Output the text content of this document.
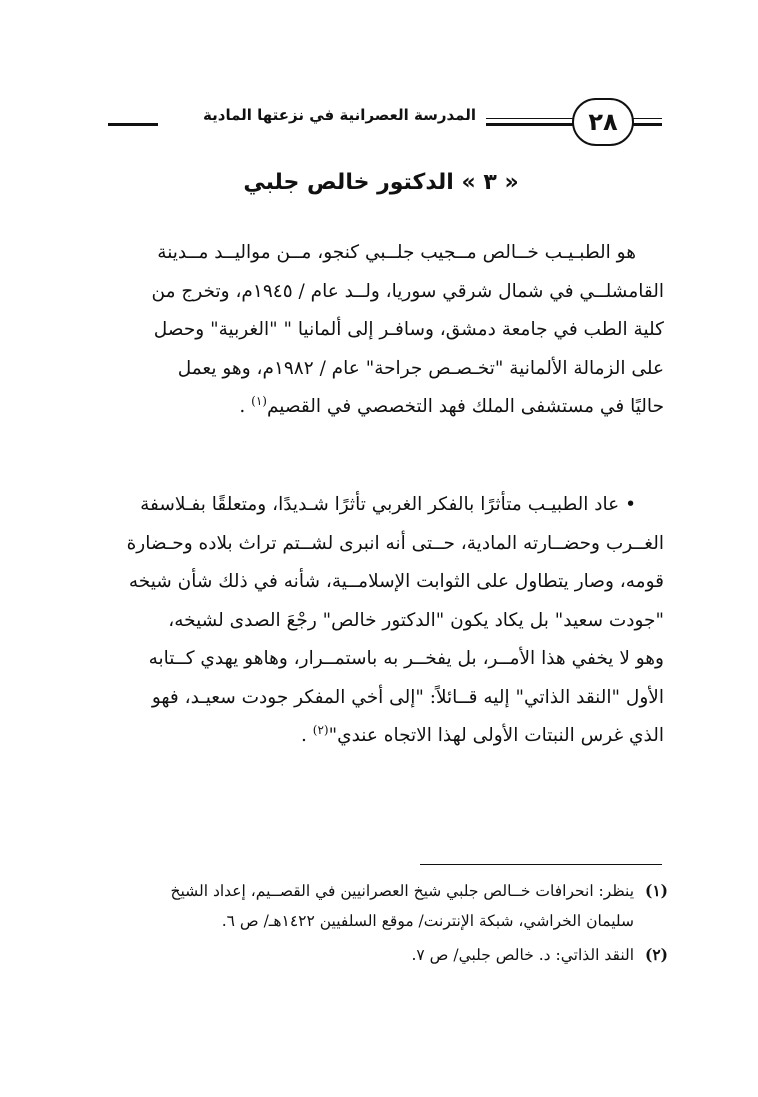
المدرسة العصرانية في نزعتها المادية	٢٨
« ٣ » الدكتور خالص جلبي
هو الطبـيـب خــالص مــجيب جلــبي كنجو، مــن مواليــد مــدينة
القامشلــي في شمال شرقي سوريا، ولــد عام / ١٩٤٥م، وتخرج من
كلية الطب في جامعة دمشق، وسافـر إلى ألمانيا " "الغربية" وحصل
على الزمالة الألمانية "تخـصـص جراحة" عام / ١٩٨٢م، وهو يعمل
حاليًا في مستشفى الملك فهد التخصصي في القصيم$^{(١)}$ .
• عاد الطبيـب متأثرًا بالفكر الغربي تأثرًا شـديدًا، ومتعلقًا بفـلاسفة
الغــرب وحضــارته المادية، حــتى أنه انبرى لشــتم تراث بلاده وحـضارة
قومه، وصار يتطاول على الثوابت الإسلامــية، شأنه في ذلك شأن شيخه
"جودت سعيد" بل يكاد يكون "الدكتور خالص" رجْعَ الصدى لشيخه،
وهو لا يخفي هذا الأمــر، بل يفخــر به باستمــرار، وهاهو يهدي كــتابه
الأول "النقد الذاتي" إليه قــائلاً: "إلى أخي المفكر جودت سعيـد، فهو
الذي غرس النبتات الأولى لهذا الاتجاه عندي"$^{(٢)}$ .
(١) ينظر: انحرافات خــالص جلبي شيخ العصرانيين في القصــيم، إعداد الشيخ
سليمان الخراشي، شبكة الإنترنت/ موقع السلفيين ١٤٢٢هـ/ ص ٦.
(٢) النقد الذاتي: د. خالص جلبي/ ص ٧.
